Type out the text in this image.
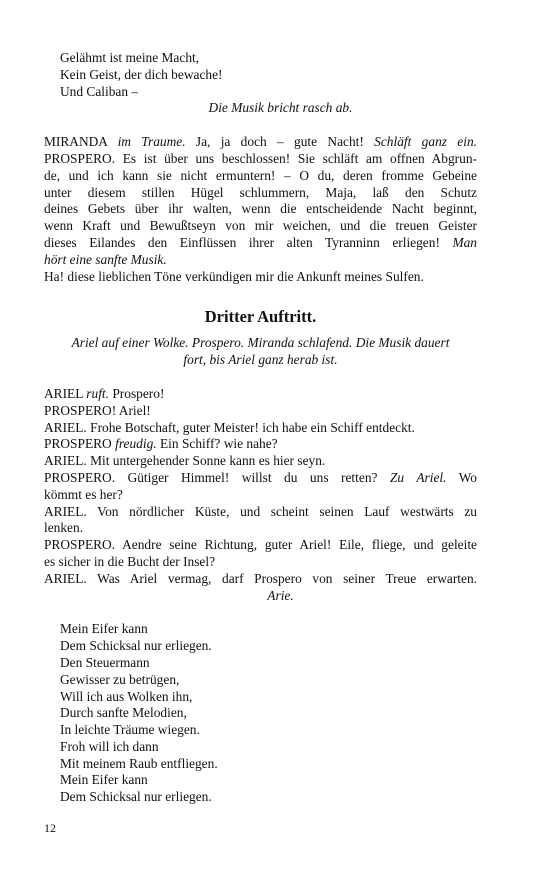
Gelähmt ist meine Macht,
Kein Geist, der dich bewache!
Und Caliban –
Die Musik bricht rasch ab.
MIRANDA im Traume. Ja, ja doch – gute Nacht! Schläft ganz ein.
PROSPERO. Es ist über uns beschlossen! Sie schläft am offnen Abgrun-
de, und ich kann sie nicht ermuntern! – O du, deren fromme Gebeine
unter diesem stillen Hügel schlummern, Maja, laß den Schutz
deines Gebets über ihr walten, wenn die entscheidende Nacht beginnt,
wenn Kraft und Bewußtseyn von mir weichen, und die treuen Geister
dieses Eilandes den Einflüssen ihrer alten Tyranninn erliegen! Man
hört eine sanfte Musik.
Ha! diese lieblichen Töne verkündigen mir die Ankunft meines Sulfen.
Dritter Auftritt.
Ariel auf einer Wolke. Prospero. Miranda schlafend. Die Musik dauert
fort, bis Ariel ganz herab ist.
ARIEL ruft. Prospero!
PROSPERO! Ariel!
ARIEL. Frohe Botschaft, guter Meister! ich habe ein Schiff entdeckt.
PROSPERO freudig. Ein Schiff? wie nahe?
ARIEL. Mit untergehender Sonne kann es hier seyn.
PROSPERO. Gütiger Himmel! willst du uns retten? Zu Ariel. Wo
kömmt es her?
ARIEL. Von nördlicher Küste, und scheint seinen Lauf westwärts zu
lenken.
PROSPERO. Aendre seine Richtung, guter Ariel! Eile, fliege, und geleite
es sicher in die Bucht der Insel?
ARIEL. Was Ariel vermag, darf Prospero von seiner Treue erwarten.
Arie.
Mein Eifer kann
Dem Schicksal nur erliegen.
Den Steuermann
Gewisser zu betrügen,
Will ich aus Wolken ihn,
Durch sanfte Melodien,
In leichte Träume wiegen.
Froh will ich dann
Mit meinem Raub entfliegen.
Mein Eifer kann
Dem Schicksal nur erliegen.
12
